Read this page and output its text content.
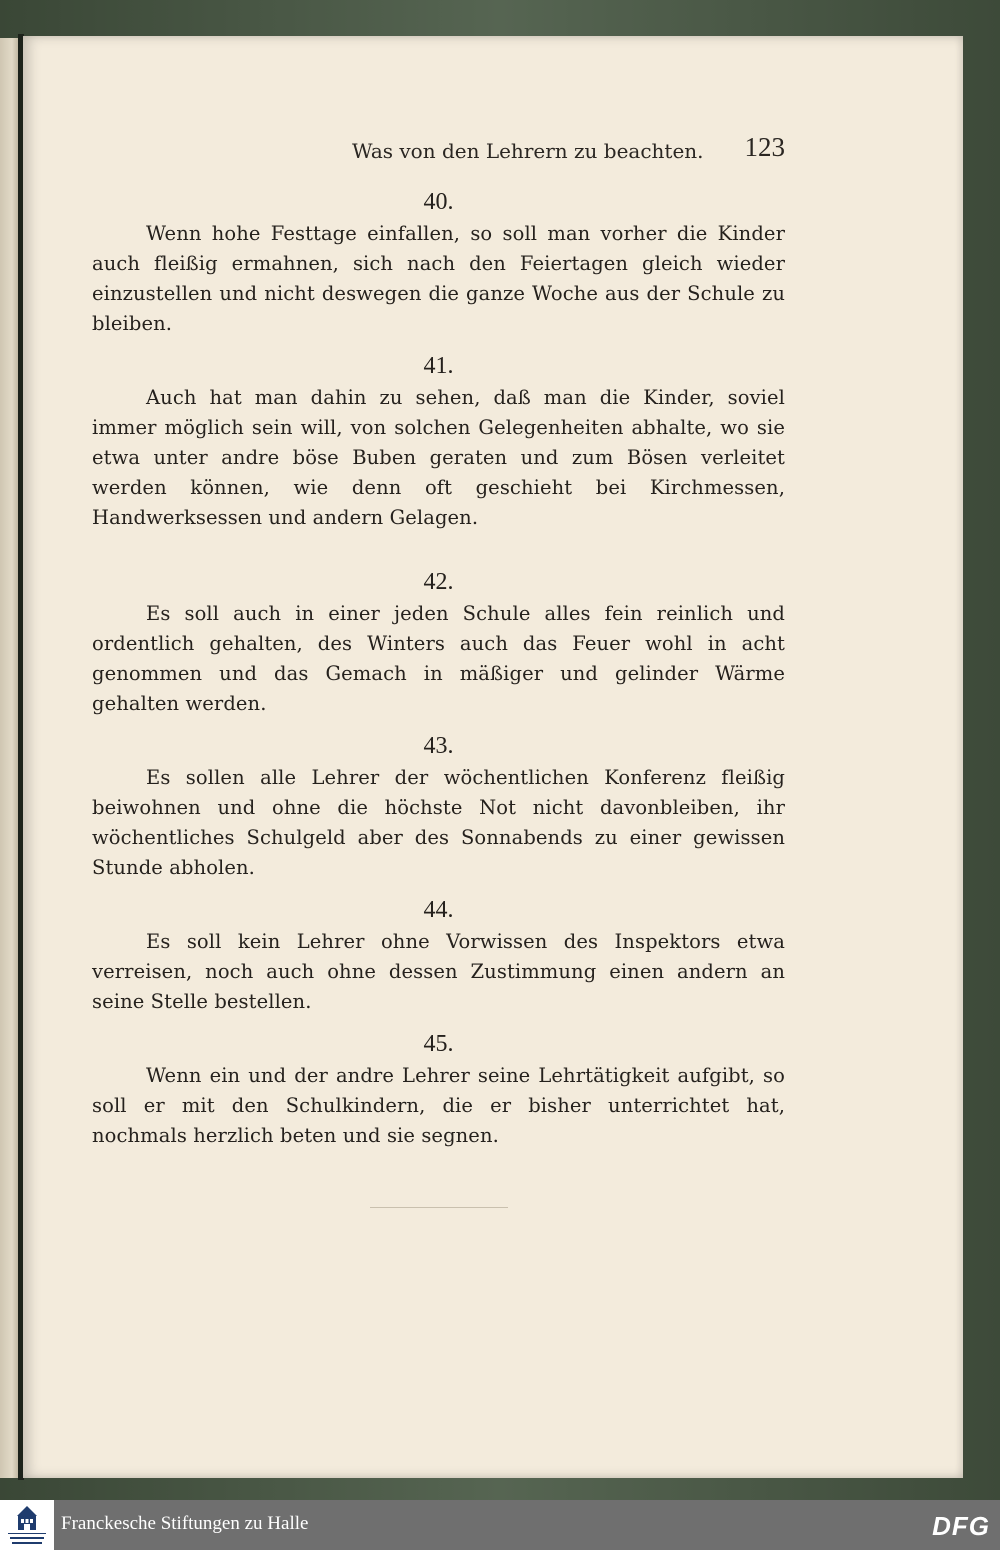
Was von den Lehrern zu beachten. 123

40.

Wenn hohe Festtage einfallen, so soll man vorher die Kinder auch fleißig ermahnen, sich nach den Feiertagen gleich wieder einzustellen und nicht deswegen die ganze Woche aus der Schule zu bleiben.

41.

Auch hat man dahin zu sehen, daß man die Kinder, soviel immer möglich sein will, von solchen Gelegenheiten abhalte, wo sie etwa unter andre böse Buben geraten und zum Bösen verleitet werden können, wie denn oft geschieht bei Kirchmessen, Handwerksessen und andern Gelagen.

42.

Es soll auch in einer jeden Schule alles fein reinlich und ordentlich gehalten, des Winters auch das Feuer wohl in acht genommen und das Gemach in mäßiger und gelinder Wärme gehalten werden.

43.

Es sollen alle Lehrer der wöchentlichen Konferenz fleißig beiwohnen und ohne die höchste Not nicht davonbleiben, ihr wöchentliches Schulgeld aber des Sonnabends zu einer gewissen Stunde abholen.

44.

Es soll kein Lehrer ohne Vorwissen des Inspektors etwa verreisen, noch auch ohne dessen Zustimmung einen andern an seine Stelle bestellen.

45.

Wenn ein und der andre Lehrer seine Lehrtätigkeit aufgibt, so soll er mit den Schulkindern, die er bisher unterrichtet hat, nochmals herzlich beten und sie segnen.

Franckesche Stiftungen zu Halle	DFG
